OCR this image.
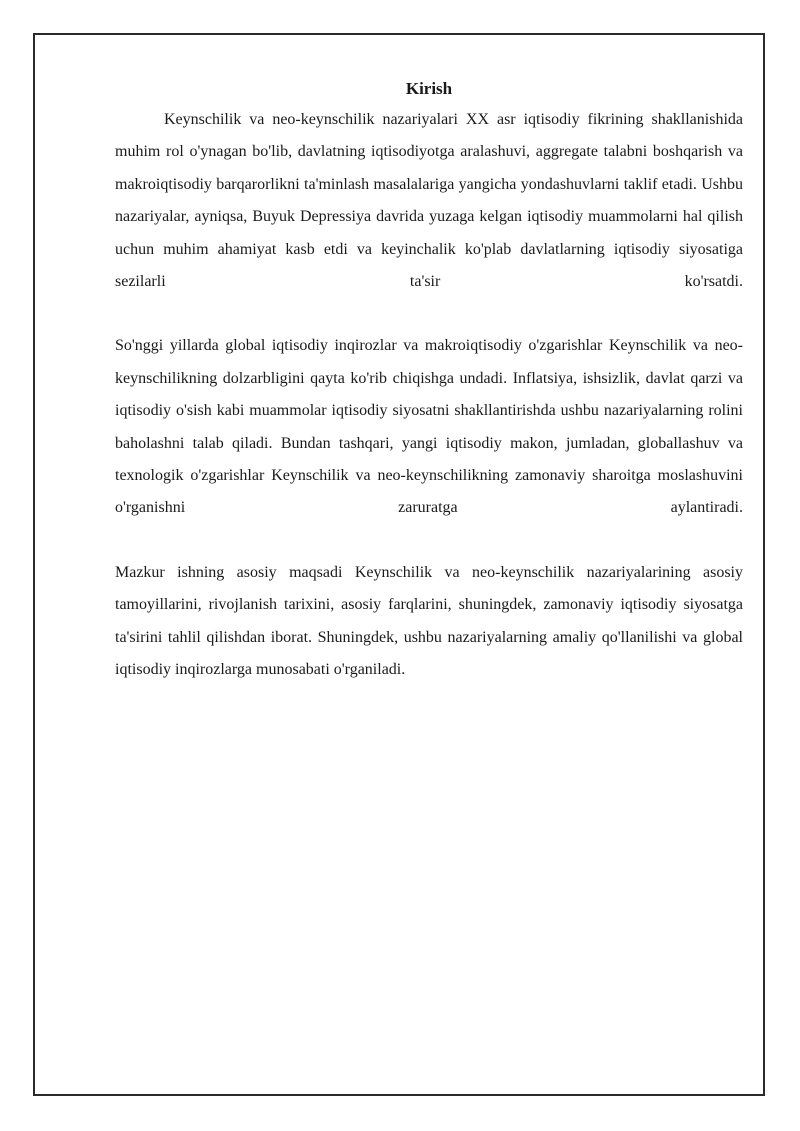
Kirish

Keynschilik va neo-keynschilik nazariyalari XX asr iqtisodiy fikrining shakllanishida muhim rol o'ynagan bo'lib, davlatning iqtisodiyotga aralashuvi, aggregate talabni boshqarish va makroiqtisodiy barqarorlikni ta'minlash masalalariga yangicha yondashuvlarni taklif etadi. Ushbu nazariyalar, ayniqsa, Buyuk Depressiya davrida yuzaga kelgan iqtisodiy muammolarni hal qilish uchun muhim ahamiyat kasb etdi va keyinchalik ko'plab davlatlarning iqtisodiy siyosatiga sezilarli ta'sir ko'rsatdi.

So'nggi yillarda global iqtisodiy inqirozlar va makroiqtisodiy o'zgarishlar Keynschilik va neo-keynschilikning dolzarbligini qayta ko'rib chiqishga undadi. Inflatsiya, ishsizlik, davlat qarzi va iqtisodiy o'sish kabi muammolar iqtisodiy siyosatni shakllantirishda ushbu nazariyalarning rolini baholashni talab qiladi. Bundan tashqari, yangi iqtisodiy makon, jumladan, globallashuv va texnologik o'zgarishlar Keynschilik va neo-keynschilikning zamonaviy sharoitga moslashuvini o'rganishni zaruratga aylantiradi.

Mazkur ishning asosiy maqsadi Keynschilik va neo-keynschilik nazariyalarining asosiy tamoyillarini, rivojlanish tarixini, asosiy farqlarini, shuningdek, zamonaviy iqtisodiy siyosatga ta'sirini tahlil qilishdan iborat. Shuningdek, ushbu nazariyalarning amaliy qo'llanilishi va global iqtisodiy inqirozlarga munosabati o'rganiladi.
